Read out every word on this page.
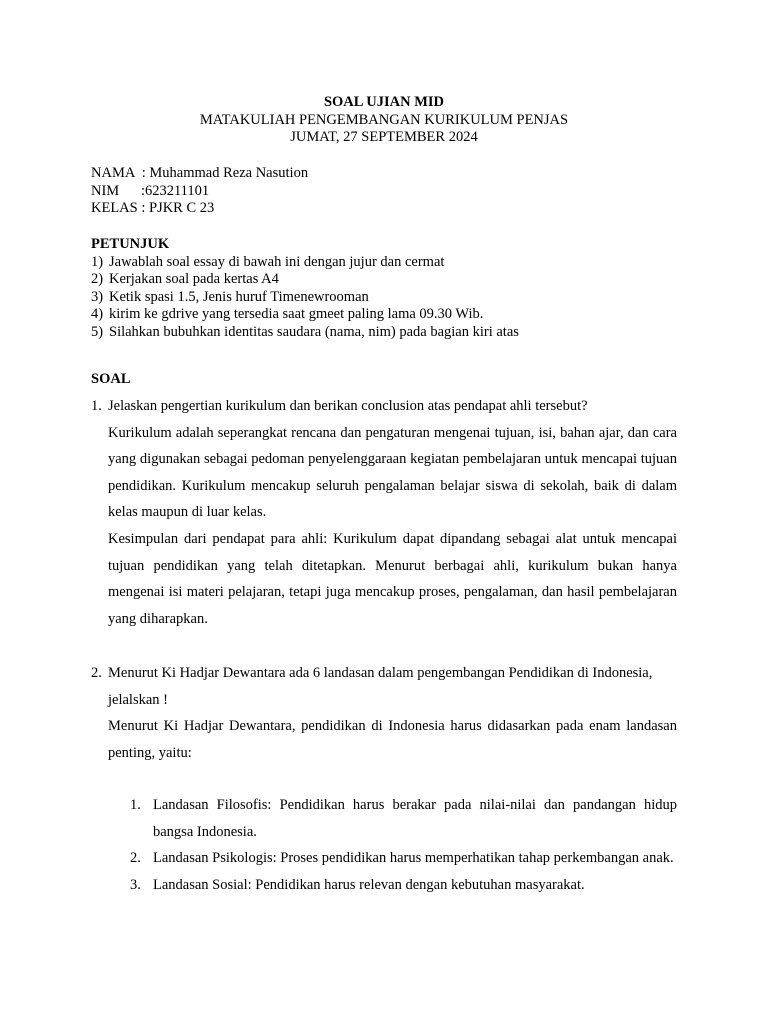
SOAL UJIAN MID
MATAKULIAH PENGEMBANGAN KURIKULUM PENJAS
JUMAT, 27 SEPTEMBER 2024
NAMA  : Muhammad Reza Nasution
NIM      :623211101
KELAS : PJKR C 23
PETUNJUK
1) Jawablah soal essay di bawah ini dengan jujur dan cermat
2) Kerjakan soal pada kertas A4
3) Ketik spasi 1.5, Jenis huruf Timenewrooman
4) kirim ke gdrive yang tersedia saat gmeet paling lama 09.30 Wib.
5) Silahkan bubuhkan identitas saudara (nama, nim) pada bagian kiri atas
SOAL
1. Jelaskan pengertian kurikulum dan berikan conclusion atas pendapat ahli tersebut?

Kurikulum adalah seperangkat rencana dan pengaturan mengenai tujuan, isi, bahan ajar, dan cara yang digunakan sebagai pedoman penyelenggaraan kegiatan pembelajaran untuk mencapai tujuan pendidikan. Kurikulum mencakup seluruh pengalaman belajar siswa di sekolah, baik di dalam kelas maupun di luar kelas.

Kesimpulan dari pendapat para ahli: Kurikulum dapat dipandang sebagai alat untuk mencapai tujuan pendidikan yang telah ditetapkan. Menurut berbagai ahli, kurikulum bukan hanya mengenai isi materi pelajaran, tetapi juga mencakup proses, pengalaman, dan hasil pembelajaran yang diharapkan.

2. Menurut Ki Hadjar Dewantara ada 6 landasan dalam pengembangan Pendidikan di Indonesia, jelalskan !

Menurut Ki Hadjar Dewantara, pendidikan di Indonesia harus didasarkan pada enam landasan penting, yaitu:

1. Landasan Filosofis: Pendidikan harus berakar pada nilai-nilai dan pandangan hidup bangsa Indonesia.
2. Landasan Psikologis: Proses pendidikan harus memperhatikan tahap perkembangan anak.
3. Landasan Sosial: Pendidikan harus relevan dengan kebutuhan masyarakat.
